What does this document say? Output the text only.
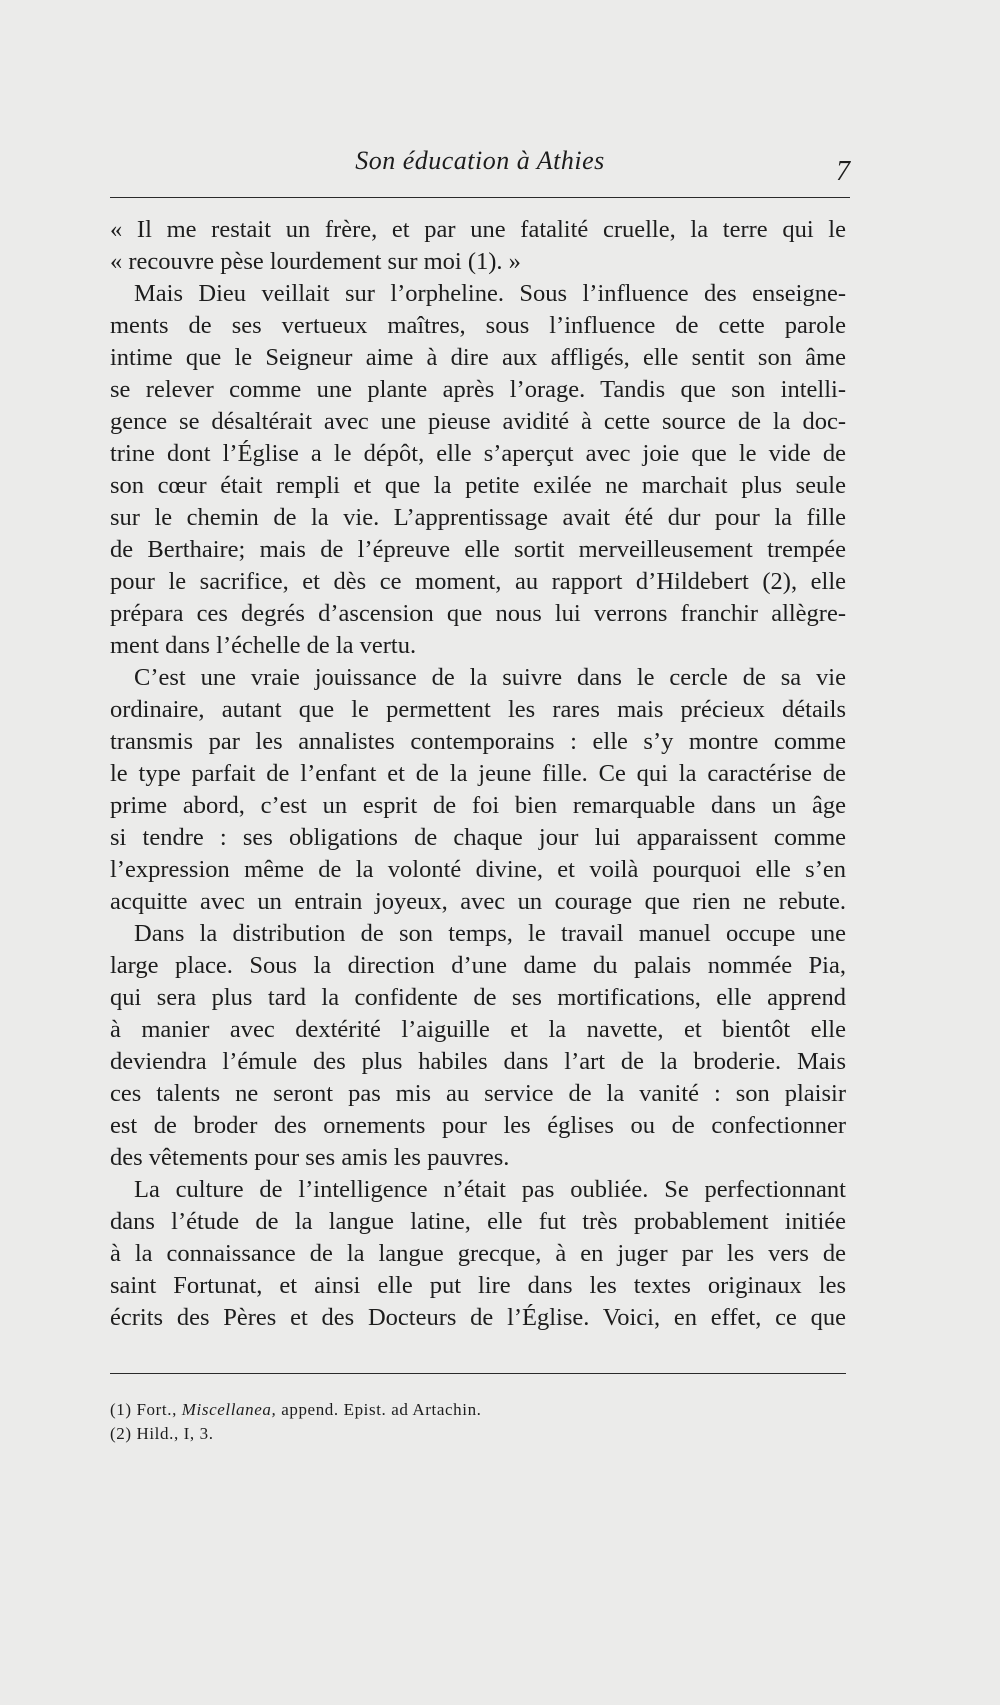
Son éducation à Athies	7
« Il me restait un frère, et par une fatalité cruelle, la terre qui le
« recouvre pèse lourdement sur moi (1). »
Mais Dieu veillait sur l’orpheline. Sous l’influence des enseigne-
ments de ses vertueux maîtres, sous l’influence de cette parole
intime que le Seigneur aime à dire aux affligés, elle sentit son âme
se relever comme une plante après l’orage. Tandis que son intelli-
gence se désaltérait avec une pieuse avidité à cette source de la doc-
trine dont l’Église a le dépôt, elle s’aperçut avec joie que le vide de
son cœur était rempli et que la petite exilée ne marchait plus seule
sur le chemin de la vie. L’apprentissage avait été dur pour la fille
de Berthaire; mais de l’épreuve elle sortit merveilleusement trempée
pour le sacrifice, et dès ce moment, au rapport d’Hildebert (2), elle
prépara ces degrés d’ascension que nous lui verrons franchir allègre-
ment dans l’échelle de la vertu.
C’est une vraie jouissance de la suivre dans le cercle de sa vie
ordinaire, autant que le permettent les rares mais précieux détails
transmis par les annalistes contemporains : elle s’y montre comme
le type parfait de l’enfant et de la jeune fille. Ce qui la caractérise de
prime abord, c’est un esprit de foi bien remarquable dans un âge
si tendre : ses obligations de chaque jour lui apparaissent comme
l’expression même de la volonté divine, et voilà pourquoi elle s’en
acquitte avec un entrain joyeux, avec un courage que rien ne rebute.
Dans la distribution de son temps, le travail manuel occupe une
large place. Sous la direction d’une dame du palais nommée Pia,
qui sera plus tard la confidente de ses mortifications, elle apprend
à manier avec dextérité l’aiguille et la navette, et bientôt elle
deviendra l’émule des plus habiles dans l’art de la broderie. Mais
ces talents ne seront pas mis au service de la vanité : son plaisir
est de broder des ornements pour les églises ou de confectionner
des vêtements pour ses amis les pauvres.
La culture de l’intelligence n’était pas oubliée. Se perfectionnant
dans l’étude de la langue latine, elle fut très probablement initiée
à la connaissance de la langue grecque, à en juger par les vers de
saint Fortunat, et ainsi elle put lire dans les textes originaux les
écrits des Pères et des Docteurs de l’Église. Voici, en effet, ce que
(1) Fort., Miscellanea, append. Epist. ad Artachin.
(2) Hild., I, 3.
